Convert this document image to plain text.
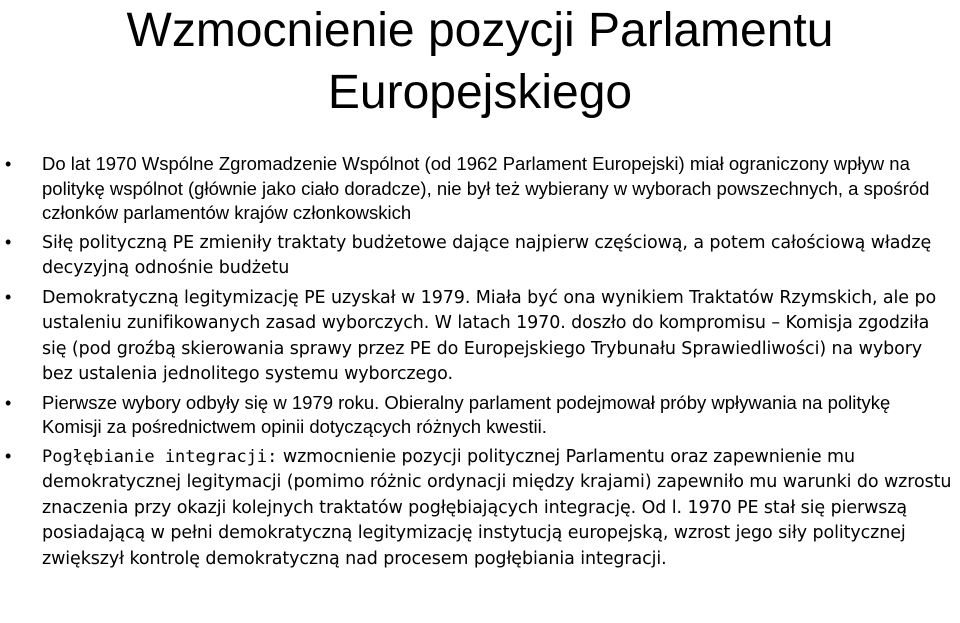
Wzmocnienie pozycji Parlamentu
Europejskiego
• Do lat 1970 Wspólne Zgromadzenie Wspólnot (od 1962 Parlament Europejski) miał ograniczony wpływ na politykę wspólnot (głównie jako ciało doradcze), nie był też wybierany w wyborach powszechnych, a spośród członków parlamentów krajów członkowskich
• Siłę polityczną PE zmieniły traktaty budżetowe dające najpierw częściową, a potem całościową władzę decyzyjną odnośnie budżetu
• Demokratyczną legitymizację PE uzyskał w 1979. Miała być ona wynikiem Traktatów Rzymskich, ale po ustaleniu zunifikowanych zasad wyborczych. W latach 1970. doszło do kompromisu – Komisja zgodziła się (pod groźbą skierowania sprawy przez PE do Europejskiego Trybunału Sprawiedliwości) na wybory bez ustalenia jednolitego systemu wyborczego.
• Pierwsze wybory odbyły się w 1979 roku. Obieralny parlament podejmował próby wpływania na politykę Komisji za pośrednictwem opinii dotyczących różnych kwestii.
• Pogłębianie integracji: wzmocnienie pozycji politycznej Parlamentu oraz zapewnienie mu demokratycznej legitymacji (pomimo różnic ordynacji między krajami) zapewniło mu warunki do wzrostu znaczenia przy okazji kolejnych traktatów pogłębiających integrację. Od l. 1970 PE stał się pierwszą posiadającą w pełni demokratyczną legitymizację instytucją europejską, wzrost jego siły politycznej zwiększył kontrolę demokratyczną nad procesem pogłębiania integracji.
